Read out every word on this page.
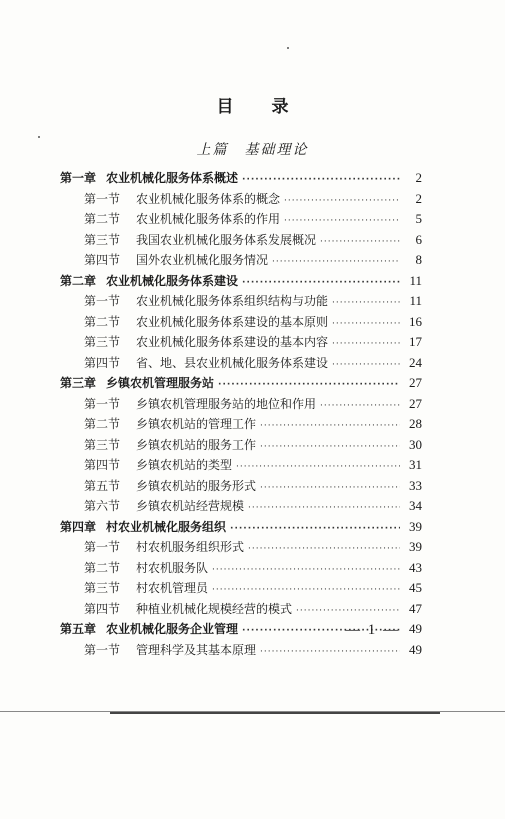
目 录
上篇　基础理论
第一章 农业机械化服务体系概述 ·····	2
第一节 农业机械化服务体系的概念 ·····	2
第二节 农业机械化服务体系的作用 ·····	5
第三节 我国农业机械化服务体系发展概况 ·····	6
第四节 国外农业机械化服务情况 ·····	8
第二章 农业机械化服务体系建设 ·····	11
第一节 农业机械化服务体系组织结构与功能 ·····	11
第二节 农业机械化服务体系建设的基本原则 ·····	16
第三节 农业机械化服务体系建设的基本内容 ·····	17
第四节 省、地、县农业机械化服务体系建设 ·····	24
第三章 乡镇农机管理服务站 ·····	27
第一节 乡镇农机管理服务站的地位和作用 ·····	27
第二节 乡镇农机站的管理工作 ·····	28
第三节 乡镇农机站的服务工作 ·····	30
第四节 乡镇农机站的类型 ·····	31
第五节 乡镇农机站的服务形式 ·····	33
第六节 乡镇农机站经营规模 ·····	34
第四章 村农业机械化服务组织 ·····	39
第一节 村农机服务组织形式 ·····	39
第二节 村农机服务队 ·····	43
第三节 村农机管理员 ·····	45
第四节 种植业机械化规模经营的模式 ·····	47
第五章 农业机械化服务企业管理 ·····	49
第一节 管理科学及其基本原理 ·····	49
— 1 —
